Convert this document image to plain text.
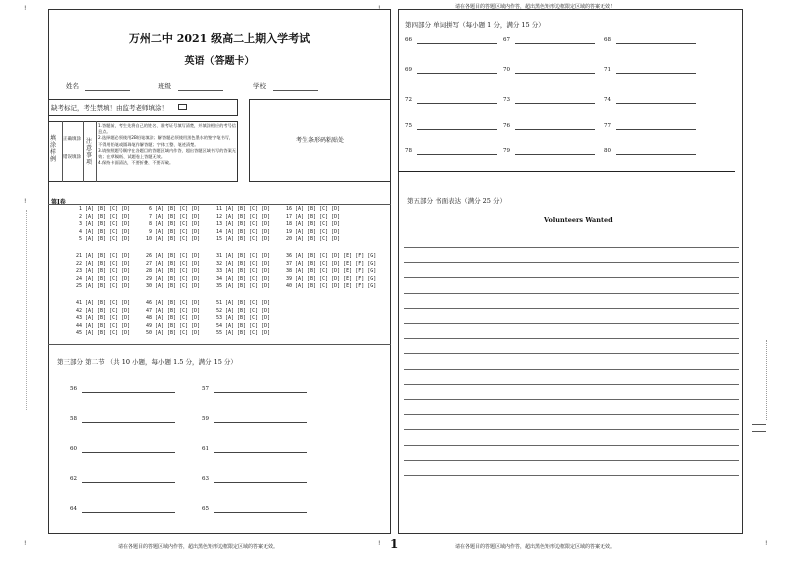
请在各题目的答题区域内作答，超出黑色矩形边框限定区域的答案无效！
万州二中 2021 级高二上期入学考试
英语（答题卡）
姓名	班级	学校
缺考标记，考生禁填！由监考老师填涂！
考生条形码粘贴处
填涂样例
正确填涂
错误填涂
注意事项
1.答题前，考生先将自己的姓名、准考证号填写清楚，并填涂相应的考号信息点。
2.选择题必须使用2B铅笔填涂；解答题必须使用黑色墨水的签字笔书写，不得用铅笔或圆珠笔作解答题；字体工整、笔迹清楚。
3.请按照题号顺序在各题目的答题区域内作答，超出答题区域书写的答案无效；在草稿纸、试题卷上答题无效。
4.保持卡面清洁，不要折叠、不要弄破。
第Ⅰ卷
1 [A] [B] [C] [D]
2 [A] [B] [C] [D]
3 [A] [B] [C] [D]
4 [A] [B] [C] [D]
5 [A] [B] [C] [D]
6 [A] [B] [C] [D]
7 [A] [B] [C] [D]
8 [A] [B] [C] [D]
9 [A] [B] [C] [D]
10 [A] [B] [C] [D]
11 [A] [B] [C] [D]
12 [A] [B] [C] [D]
13 [A] [B] [C] [D]
14 [A] [B] [C] [D]
15 [A] [B] [C] [D]
16 [A] [B] [C] [D]
17 [A] [B] [C] [D]
18 [A] [B] [C] [D]
19 [A] [B] [C] [D]
20 [A] [B] [C] [D]
21 [A] [B] [C] [D]
22 [A] [B] [C] [D]
23 [A] [B] [C] [D]
24 [A] [B] [C] [D]
25 [A] [B] [C] [D]
26 [A] [B] [C] [D]
27 [A] [B] [C] [D]
28 [A] [B] [C] [D]
29 [A] [B] [C] [D]
30 [A] [B] [C] [D]
31 [A] [B] [C] [D]
32 [A] [B] [C] [D]
33 [A] [B] [C] [D]
34 [A] [B] [C] [D]
35 [A] [B] [C] [D]
36 [A] [B] [C] [D] [E] [F] [G]
37 [A] [B] [C] [D] [E] [F] [G]
38 [A] [B] [C] [D] [E] [F] [G]
39 [A] [B] [C] [D] [E] [F] [G]
40 [A] [B] [C] [D] [E] [F] [G]
41 [A] [B] [C] [D]
42 [A] [B] [C] [D]
43 [A] [B] [C] [D]
44 [A] [B] [C] [D]
45 [A] [B] [C] [D]
46 [A] [B] [C] [D]
47 [A] [B] [C] [D]
48 [A] [B] [C] [D]
49 [A] [B] [C] [D]
50 [A] [B] [C] [D]
51 [A] [B] [C] [D]
52 [A] [B] [C] [D]
53 [A] [B] [C] [D]
54 [A] [B] [C] [D]
55 [A] [B] [C] [D]
第三部分 第二节 （共 10 小题，每小题 1.5 分，满分 15 分）
56	57
58	59
60	61
62	63
64	65
第四部分 单词拼写（每小题 1 分，满分 15 分）
66	67	68
69	70	71
72	73	74
75	76	77
78	79	80
第五部分 书面表达（满分 25 分）
Volunteers Wanted
请在各题目的答题区域内作答，超出黑色矩形边框限定区域的答案无效。	1	请在各题目的答题区域内作答，超出黑色矩形边框限定区域的答案无效。
!
!
!
!
!	!
